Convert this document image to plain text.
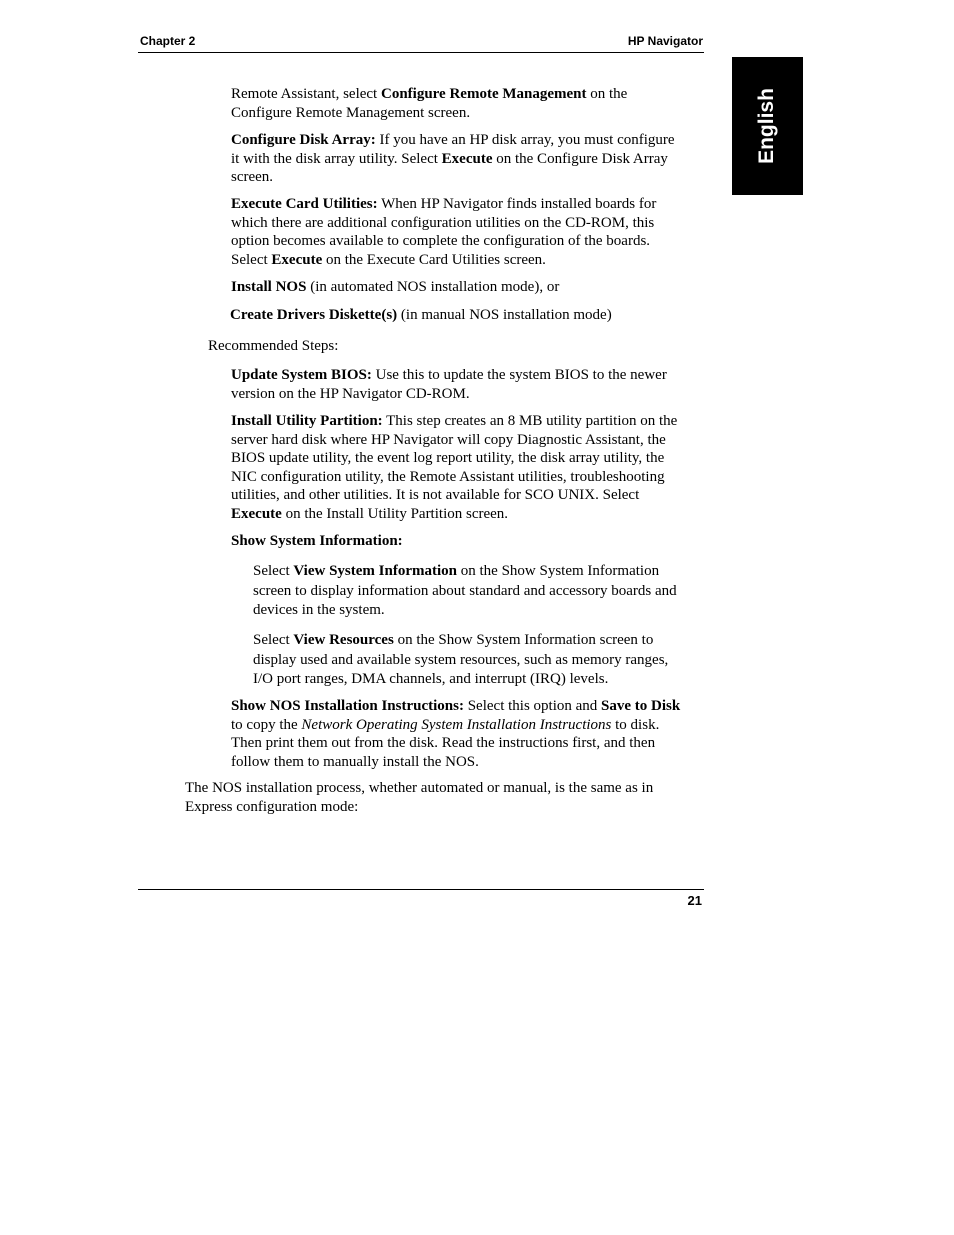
Chapter 2	HP Navigator
English

Remote Assistant, select Configure Remote Management on the Configure Remote Management screen.

Configure Disk Array: If you have an HP disk array, you must configure it with the disk array utility. Select Execute on the Configure Disk Array screen.

Execute Card Utilities: When HP Navigator finds installed boards for which there are additional configuration utilities on the CD-ROM, this option becomes available to complete the configuration of the boards. Select Execute on the Execute Card Utilities screen.

Install NOS (in automated NOS installation mode), or

Create Drivers Diskette(s) (in manual NOS installation mode)

Recommended Steps:

Update System BIOS: Use this to update the system BIOS to the newer version on the HP Navigator CD-ROM.

Install Utility Partition: This step creates an 8 MB utility partition on the server hard disk where HP Navigator will copy Diagnostic Assistant, the BIOS update utility, the event log report utility, the disk array utility, the NIC configuration utility, the Remote Assistant utilities, troubleshooting utilities, and other utilities. It is not available for SCO UNIX. Select Execute on the Install Utility Partition screen.

Show System Information:

Select View System Information on the Show System Information screen to display information about standard and accessory boards and devices in the system.

Select View Resources on the Show System Information screen to display used and available system resources, such as memory ranges, I/O port ranges, DMA channels, and interrupt (IRQ) levels.

Show NOS Installation Instructions: Select this option and Save to Disk to copy the Network Operating System Installation Instructions to disk. Then print them out from the disk. Read the instructions first, and then follow them to manually install the NOS.

The NOS installation process, whether automated or manual, is the same as in Express configuration mode:

21
